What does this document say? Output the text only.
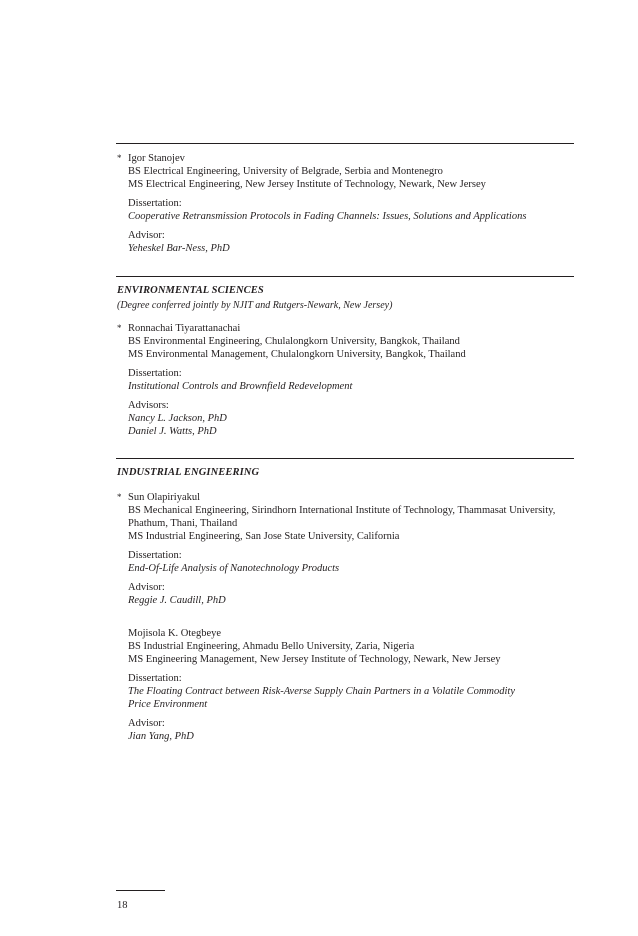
* Igor Stanojev
BS Electrical Engineering, University of Belgrade, Serbia and Montenegro
MS Electrical Engineering, New Jersey Institute of Technology, Newark, New Jersey
Dissertation:
Cooperative Retransmission Protocols in Fading Channels: Issues, Solutions and Applications
Advisor:
Yeheskel Bar-Ness, PhD
ENVIRONMENTAL SCIENCES
(Degree conferred jointly by NJIT and Rutgers-Newark, New Jersey)
* Ronnachai Tiyarattanachai
BS Environmental Engineering, Chulalongkorn University, Bangkok, Thailand
MS Environmental Management, Chulalongkorn University, Bangkok, Thailand
Dissertation:
Institutional Controls and Brownfield Redevelopment
Advisors:
Nancy L. Jackson, PhD
Daniel J. Watts, PhD
INDUSTRIAL ENGINEERING
* Sun Olapiriyakul
BS Mechanical Engineering, Sirindhorn International Institute of Technology, Thammasat University,
Phathum, Thani, Thailand
MS Industrial Engineering, San Jose State University, California
Dissertation:
End-Of-Life Analysis of Nanotechnology Products
Advisor:
Reggie J. Caudill, PhD
Mojisola K. Otegbeye
BS Industrial Engineering, Ahmadu Bello University, Zaria, Nigeria
MS Engineering Management, New Jersey Institute of Technology, Newark, New Jersey
Dissertation:
The Floating Contract between Risk-Averse Supply Chain Partners in a Volatile Commodity
Price Environment
Advisor:
Jian Yang, PhD
18
